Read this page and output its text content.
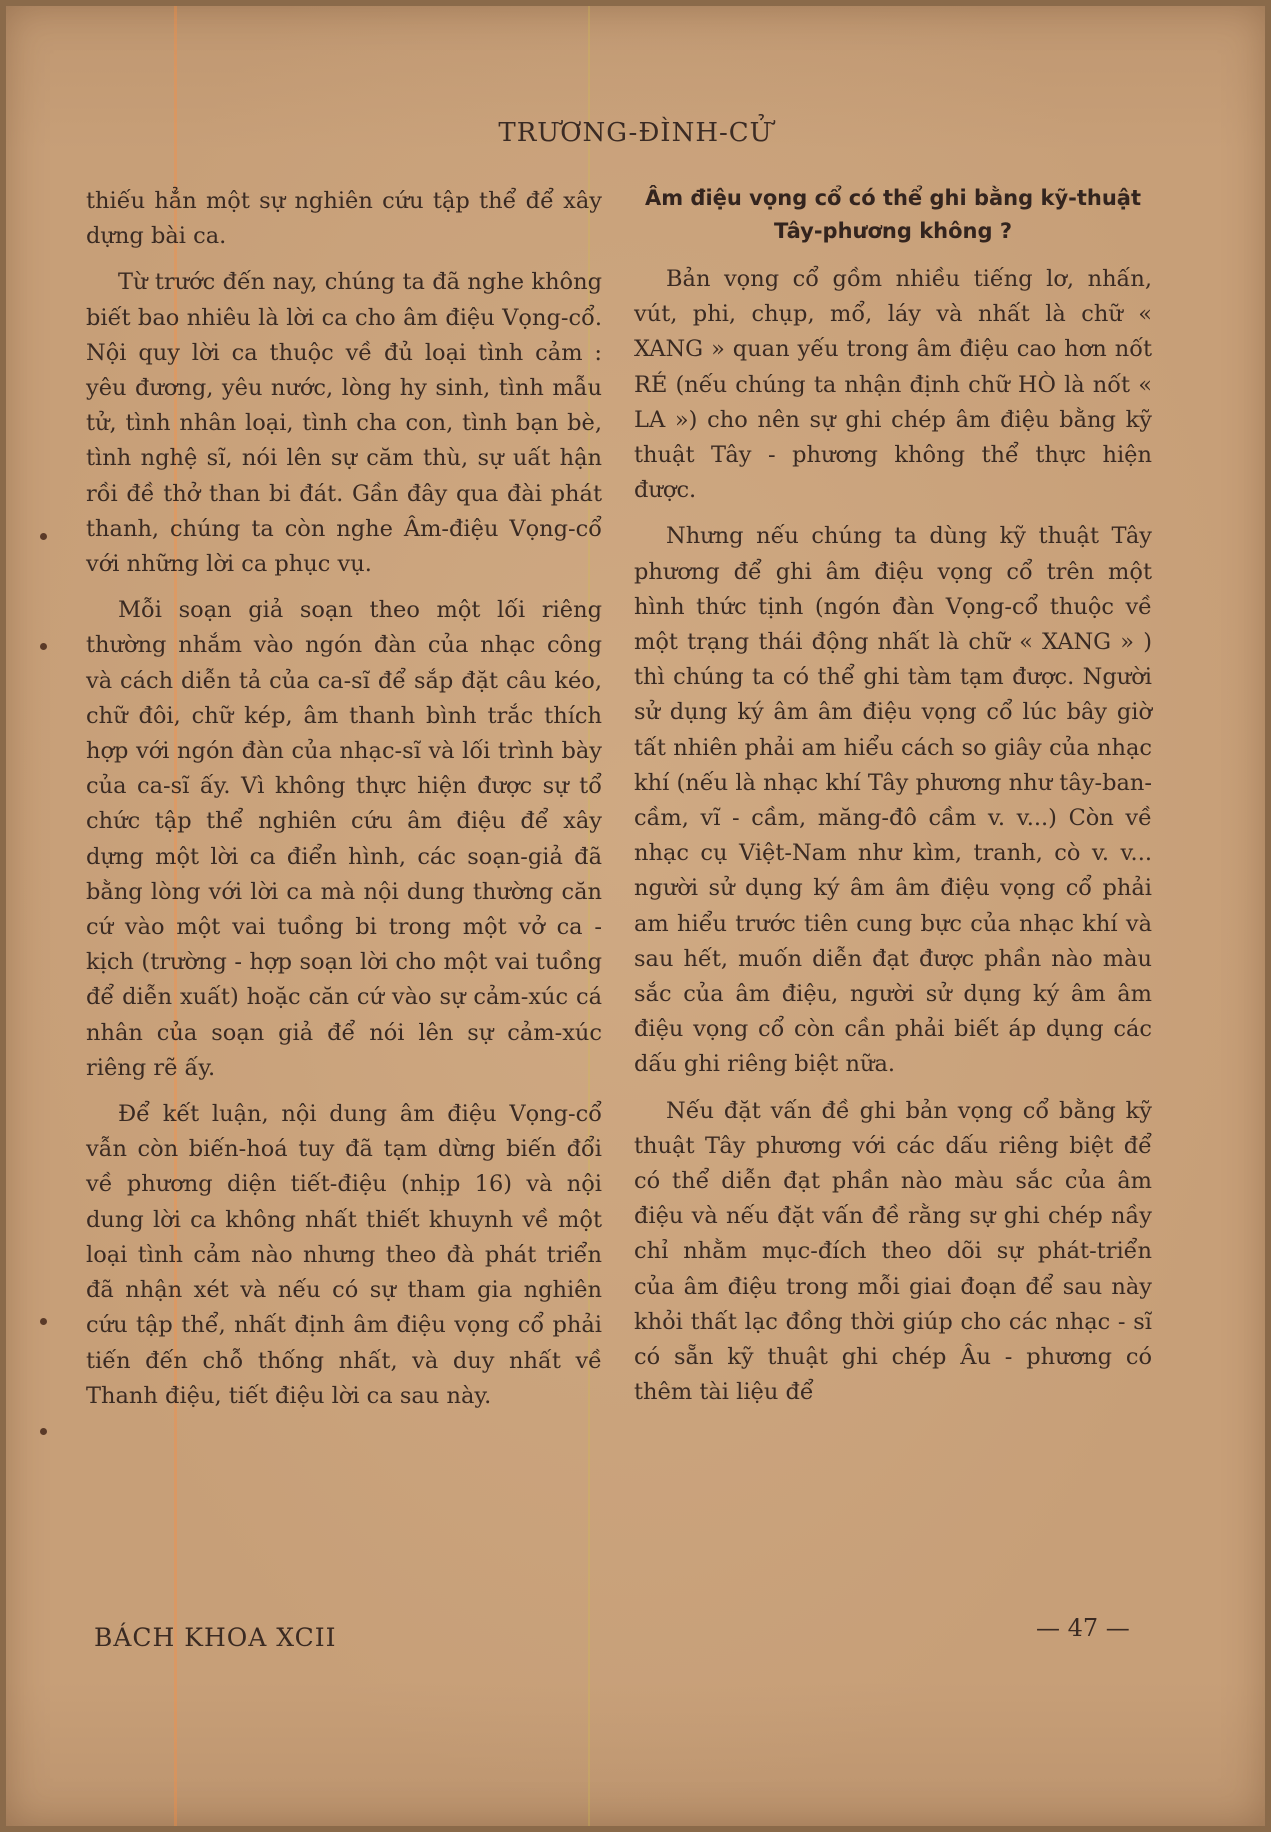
TRƯƠNG-ĐÌNH-CỬ

thiếu hẳn một sự nghiên cứu tập thể để xây dựng bài ca.

Từ trước đến nay, chúng ta đã nghe không biết bao nhiêu là lời ca cho âm điệu Vọng-cổ. Nội quy lời ca thuộc về đủ loại tình cảm : yêu đương, yêu nước, lòng hy sinh, tình mẫu tử, tình nhân loại, tình cha con, tình bạn bè, tình nghệ sĩ, nói lên sự căm thù, sự uất hận rồi đề thở than bi đát. Gần đây qua đài phát thanh, chúng ta còn nghe Âm-điệu Vọng-cổ với những lời ca phục vụ.

Mỗi soạn giả soạn theo một lối riêng thường nhắm vào ngón đàn của nhạc công và cách diễn tả của ca-sĩ để sắp đặt câu kéo, chữ đôi, chữ kép, âm thanh bình trắc thích hợp với ngón đàn của nhạc-sĩ và lối trình bày của ca-sĩ ấy. Vì không thực hiện được sự tổ chức tập thể nghiên cứu âm điệu để xây dựng một lời ca điển hình, các soạn-giả đã bằng lòng với lời ca mà nội dung thường căn cứ vào một vai tuồng bi trong một vở ca - kịch (trường - hợp soạn lời cho một vai tuồng để diễn xuất) hoặc căn cứ vào sự cảm-xúc cá nhân của soạn giả để nói lên sự cảm-xúc riêng rẽ ấy.

Để kết luận, nội dung âm điệu Vọng-cổ vẫn còn biến-hoá tuy đã tạm dừng biến đổi về phương diện tiết-điệu (nhịp 16) và nội dung lời ca không nhất thiết khuynh về một loại tình cảm nào nhưng theo đà phát triển đã nhận xét và nếu có sự tham gia nghiên cứu tập thể, nhất định âm điệu vọng cổ phải tiến đến chỗ thống nhất, và duy nhất về Thanh điệu, tiết điệu lời ca sau này.

Âm điệu vọng cổ có thể ghi bằng kỹ-thuật Tây-phương không ?

Bản vọng cổ gồm nhiều tiếng lơ, nhấn, vút, phi, chụp, mổ, láy và nhất là chữ « XANG » quan yếu trong âm điệu cao hơn nốt RÉ (nếu chúng ta nhận định chữ HÒ là nốt « LA ») cho nên sự ghi chép âm điệu bằng kỹ thuật Tây - phương không thể thực hiện được.

Nhưng nếu chúng ta dùng kỹ thuật Tây phương để ghi âm điệu vọng cổ trên một hình thức tịnh (ngón đàn Vọng-cổ thuộc về một trạng thái động nhất là chữ « XANG » ) thì chúng ta có thể ghi tàm tạm được. Người sử dụng ký âm âm điệu vọng cổ lúc bây giờ tất nhiên phải am hiểu cách so giây của nhạc khí (nếu là nhạc khí Tây phương như tây-ban-cầm, vĩ - cầm, măng-đô cầm v. v...) Còn về nhạc cụ Việt-Nam như kìm, tranh, cò v. v... người sử dụng ký âm âm điệu vọng cổ phải am hiểu trước tiên cung bực của nhạc khí và sau hết, muốn diễn đạt được phần nào màu sắc của âm điệu, người sử dụng ký âm âm điệu vọng cổ còn cần phải biết áp dụng các dấu ghi riêng biệt nữa.

Nếu đặt vấn đề ghi bản vọng cổ bằng kỹ thuật Tây phương với các dấu riêng biệt để có thể diễn đạt phần nào màu sắc của âm điệu và nếu đặt vấn đề rằng sự ghi chép nầy chỉ nhằm mục-đích theo dõi sự phát-triển của âm điệu trong mỗi giai đoạn để sau này khỏi thất lạc đồng thời giúp cho các nhạc - sĩ có sẵn kỹ thuật ghi chép Âu - phương có thêm tài liệu để

BÁCH KHOA XCII	— 47 —
